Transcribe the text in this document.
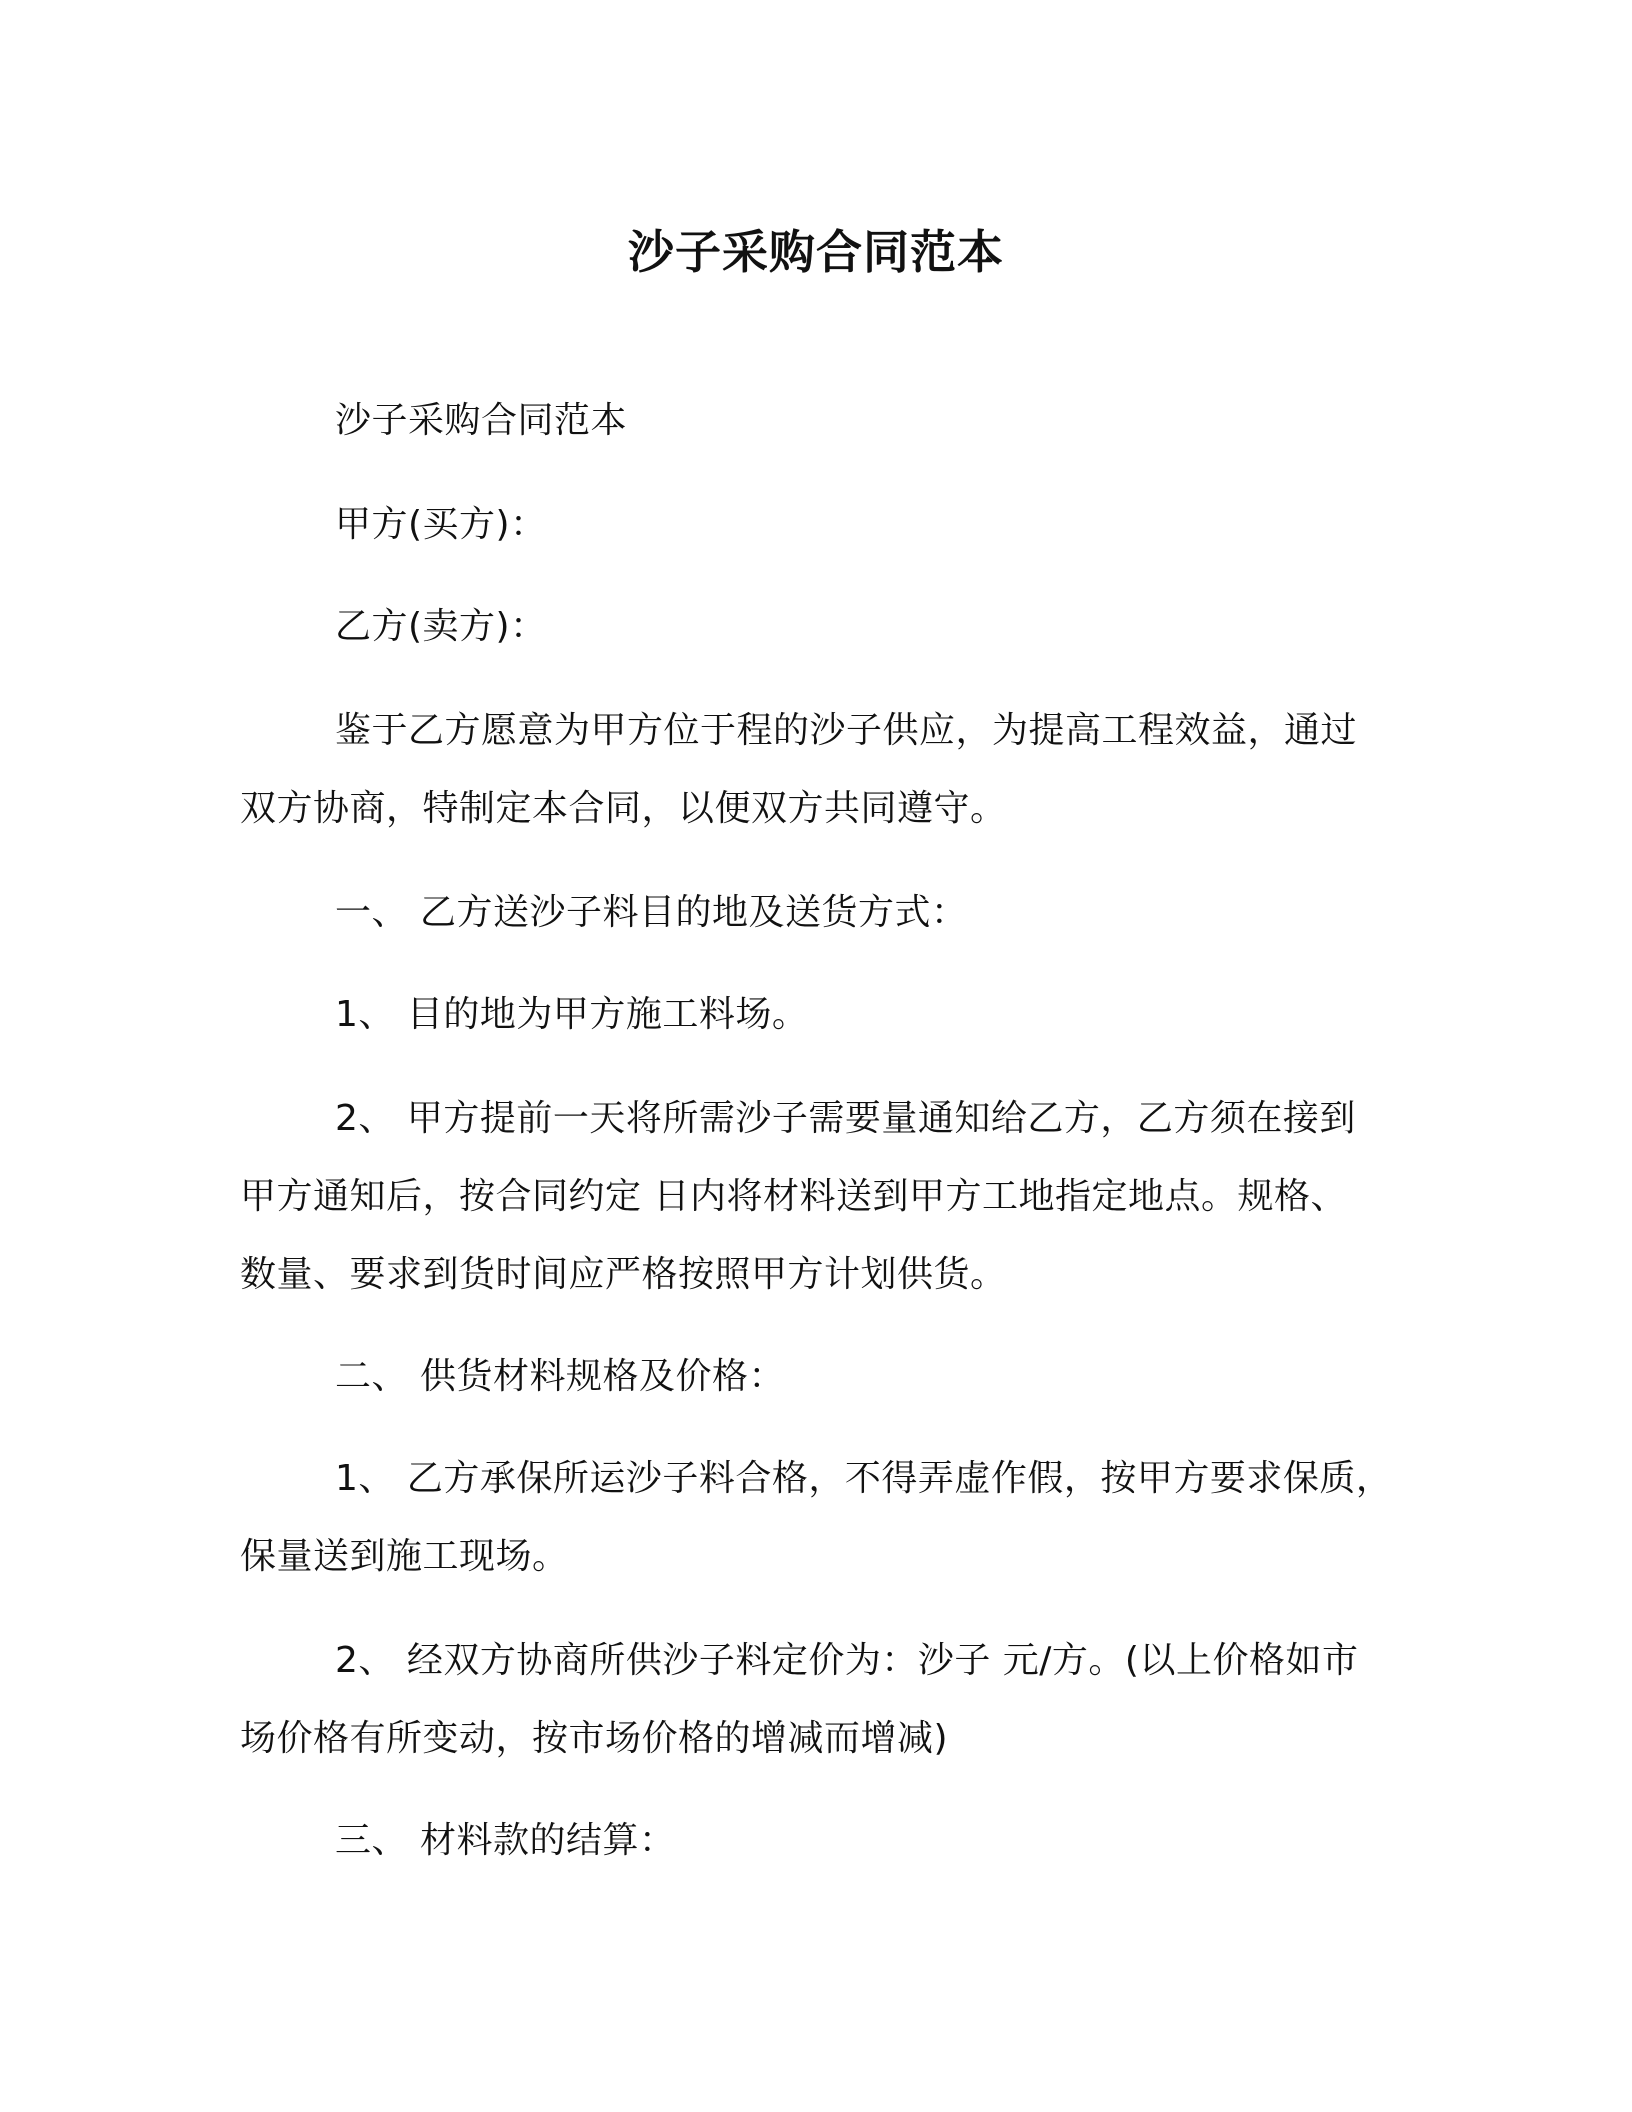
沙子采购合同范本
沙子采购合同范本
甲方(买方)：
乙方(卖方)：
鉴于乙方愿意为甲方位于程的沙子供应，为提高工程效益，通过
双方协商，特制定本合同，以便双方共同遵守。
一、 乙方送沙子料目的地及送货方式：
1、 目的地为甲方施工料场。
2、 甲方提前一天将所需沙子需要量通知给乙方，乙方须在接到
甲方通知后，按合同约定 日内将材料送到甲方工地指定地点。规格、
数量、要求到货时间应严格按照甲方计划供货。
二、 供货材料规格及价格：
1、 乙方承保所运沙子料合格，不得弄虚作假，按甲方要求保质，
保量送到施工现场。
2、 经双方协商所供沙子料定价为：沙子 元/方。(以上价格如市
场价格有所变动，按市场价格的增减而增减)
三、 材料款的结算：
